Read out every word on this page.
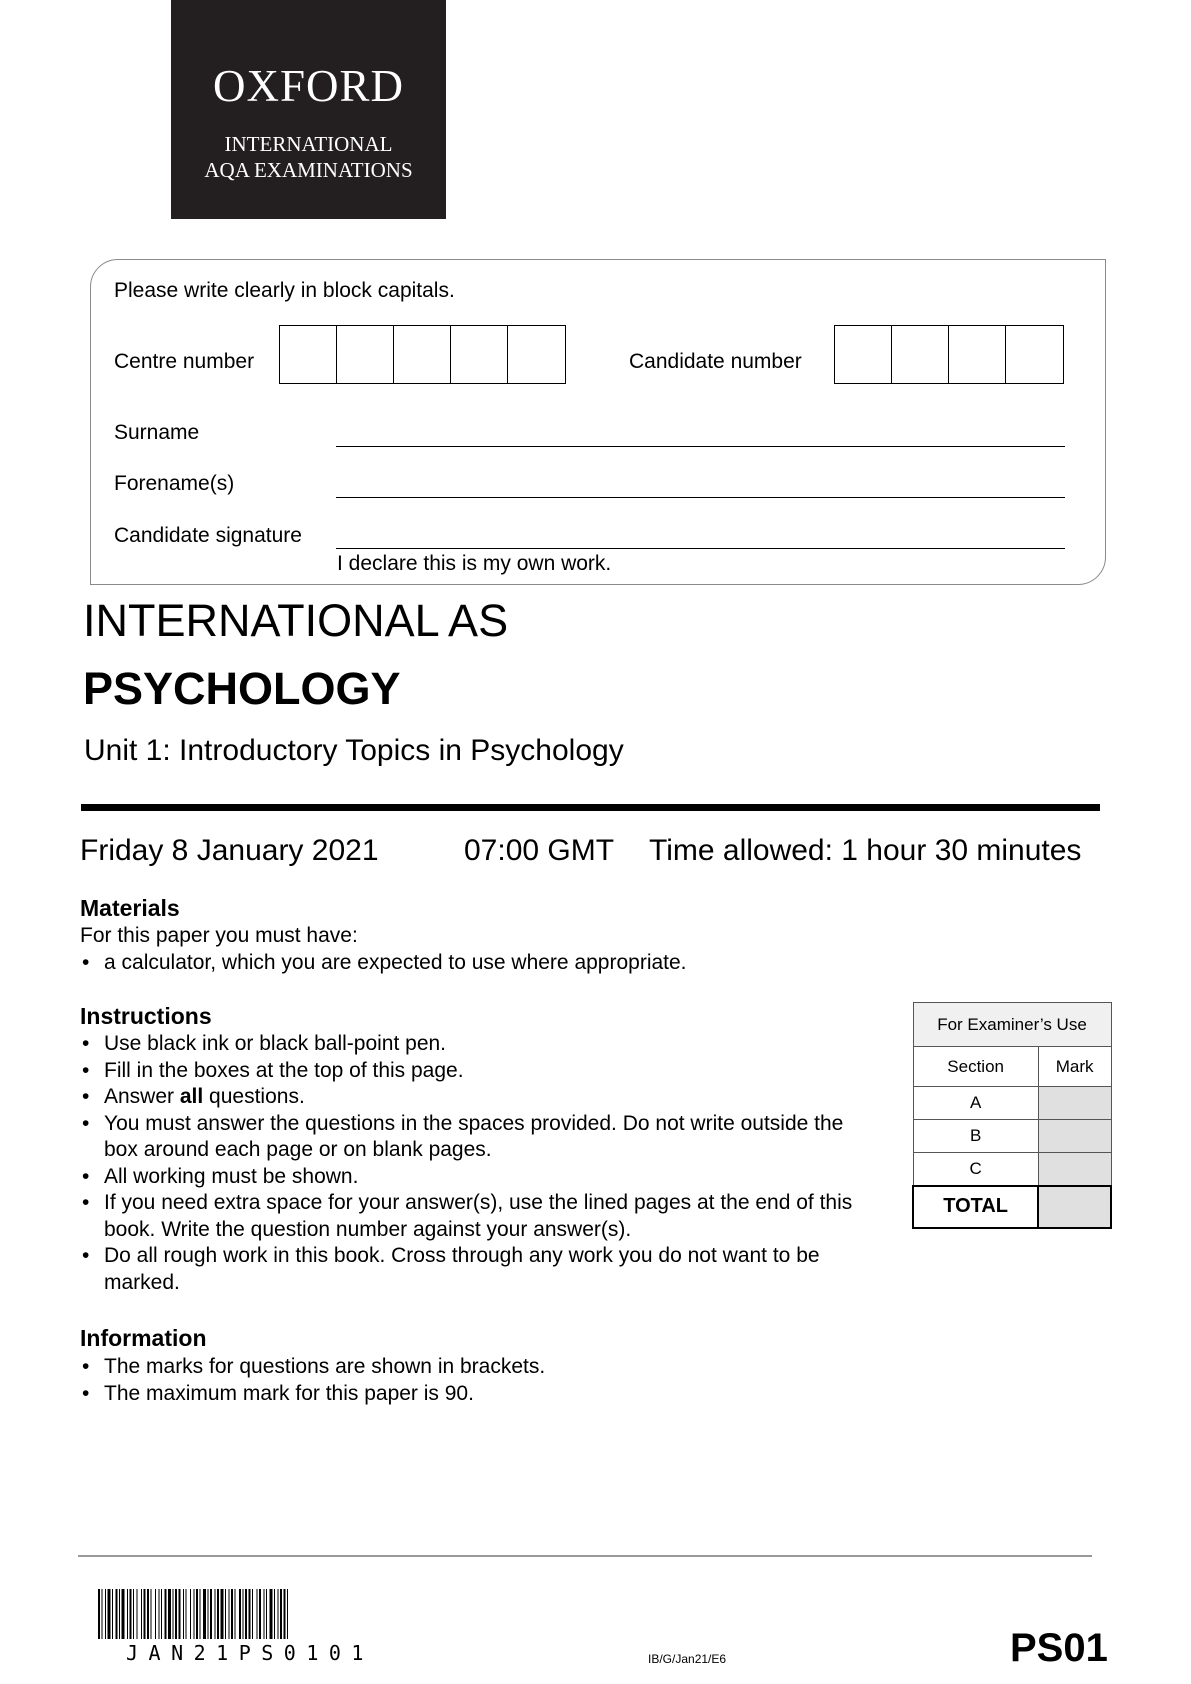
OXFORD
INTERNATIONAL
AQA EXAMINATIONS
Please write clearly in block capitals.
Centre number	Candidate number
Surname
Forename(s)
Candidate signature
I declare this is my own work.
INTERNATIONAL AS
PSYCHOLOGY
Unit 1: Introductory Topics in Psychology
Friday 8 January 2021	07:00 GMT Time allowed: 1 hour 30 minutes
Materials
For this paper you must have:
• a calculator, which you are expected to use where appropriate.
Instructions
• Use black ink or black ball-point pen.
• Fill in the boxes at the top of this page.
• Answer all questions.
• You must answer the questions in the spaces provided. Do not write outside the box around each page or on blank pages.
• All working must be shown.
• If you need extra space for your answer(s), use the lined pages at the end of this book. Write the question number against your answer(s).
• Do all rough work in this book. Cross through any work you do not want to be marked.
Information
• The marks for questions are shown in brackets.
• The maximum mark for this paper is 90.
For Examiner’s Use	
Section	Mark
A	
B	
C	
TOTAL	
JAN21PS0101	IB/G/Jan21/E6	PS01
